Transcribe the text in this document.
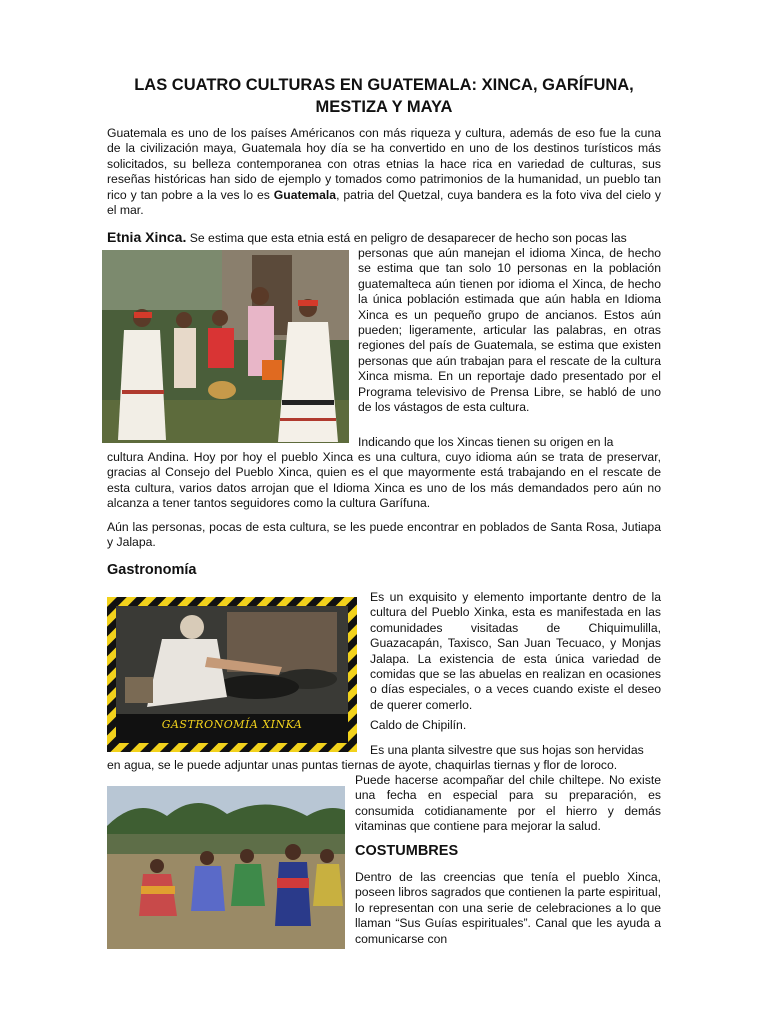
LAS CUATRO CULTURAS EN GUATEMALA: XINCA, GARÍFUNA, MESTIZA Y MAYA

Guatemala es uno de los países Américanos con más riqueza y cultura, además de eso fue la cuna de la civilización maya, Guatemala hoy día se ha convertido en uno de los destinos turísticos más solicitados, su belleza contemporanea con otras etnias la hace rica en variedad de culturas, sus reseñas históricas han sido de ejemplo y tomados como patrimonios de la humanidad, un pueblo tan rico y tan pobre a la ves lo es Guatemala, patria del Quetzal, cuya bandera es la foto viva del cielo y el mar.

Etnia Xinca. Se estima que esta etnia está en peligro de desaparecer de hecho son pocas las

personas que aún manejan el idioma Xinca, de hecho se estima que tan solo 10 personas en la población guatemalteca aún tienen por idioma el Xinca, de hecho la única población estimada que aún habla en Idioma Xinca es un pequeño grupo de ancianos. Estos aún pueden; ligeramente, articular las palabras, en otras regiones del país de Guatemala, se estima que existen personas que aún trabajan para el rescate de la cultura Xinca misma. En un reportaje dado presentado por el Programa televisivo de Prensa Libre, se habló de uno de los vástagos de esta cultura.

Indicando que los Xincas tienen su origen en la

cultura Andina. Hoy por hoy el pueblo Xinca es una cultura, cuyo idioma aún se trata de preservar, gracias al Consejo del Pueblo Xinca, quien es el que mayormente está trabajando en el rescate de esta cultura, varios datos arrojan que el Idioma Xinca es uno de los más demandados pero aún no alcanza a tener tantos seguidores como la cultura Garífuna.

Aún las personas, pocas de esta cultura, se les puede encontrar en poblados de Santa Rosa, Jutiapa y Jalapa.

Gastronomía
GASTRONOMÍA XINKA

Es un exquisito y elemento importante dentro de la cultura del Pueblo Xinka, esta es manifestada en las comunidades visitadas de Chiquimulilla, Guazacapán, Taxisco, San Juan Tecuaco, y Monjas Jalapa. La existencia de esta única variedad de comidas que se las abuelas en realizan en ocasiones o días especiales, o a veces cuando existe el deseo de querer comerlo.

Caldo de Chipilín.

Es una planta silvestre que sus hojas son hervidas

en agua, se le puede adjuntar unas puntas tiernas de ayote, chaquirlas tiernas y flor de loroco.

Puede hacerse acompañar del chile chiltepe. No existe una fecha en especial para su preparación, es consumida cotidianamente por el hierro y demás vitaminas que contiene para mejorar la salud.

COSTUMBRES

Dentro de las creencias que tenía el pueblo Xinca, poseen libros sagrados que contienen la parte espiritual, lo representan con una serie de celebraciones a lo que llaman “Sus Guías espirituales”. Canal que les ayuda a comunicarse con
